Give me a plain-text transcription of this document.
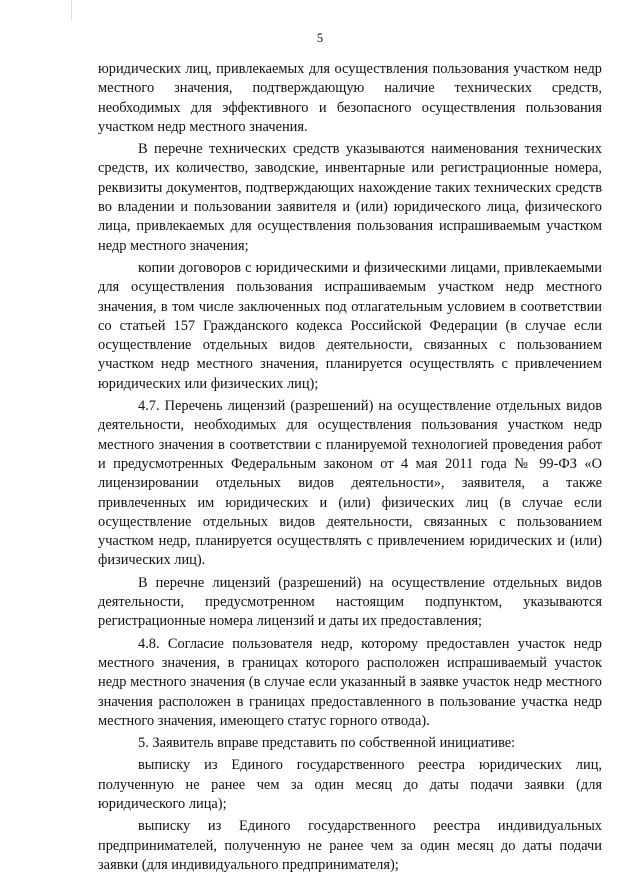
5

юридических лиц, привлекаемых для осуществления пользования участком недр местного значения, подтверждающую наличие технических средств, необходимых для эффективного и безопасного осуществления пользования участком недр местного значения.

В перечне технических средств указываются наименования технических средств, их количество, заводские, инвентарные или регистрационные номера, реквизиты документов, подтверждающих нахождение таких технических средств во владении и пользовании заявителя и (или) юридического лица, физического лица, привлекаемых для осуществления пользования испрашиваемым участком недр местного значения;

копии договоров с юридическими и физическими лицами, привлекаемыми для осуществления пользования испрашиваемым участком недр местного значения, в том числе заключенных под отлагательным условием в соответствии со статьей 157 Гражданского кодекса Российской Федерации (в случае если осуществление отдельных видов деятельности, связанных с пользованием участком недр местного значения, планируется осуществлять с привлечением юридических или физических лиц);

4.7. Перечень лицензий (разрешений) на осуществление отдельных видов деятельности, необходимых для осуществления пользования участком недр местного значения в соответствии с планируемой технологией проведения работ и предусмотренных Федеральным законом от 4 мая 2011 года № 99-ФЗ «О лицензировании отдельных видов деятельности», заявителя, а также привлеченных им юридических и (или) физических лиц (в случае если осуществление отдельных видов деятельности, связанных с пользованием участком недр, планируется осуществлять с привлечением юридических и (или) физических лиц).

В перечне лицензий (разрешений) на осуществление отдельных видов деятельности, предусмотренном настоящим подпунктом, указываются регистрационные номера лицензий и даты их предоставления;

4.8. Согласие пользователя недр, которому предоставлен участок недр местного значения, в границах которого расположен испрашиваемый участок недр местного значения (в случае если указанный в заявке участок недр местного значения расположен в границах предоставленного в пользование участка недр местного значения, имеющего статус горного отвода).

5. Заявитель вправе представить по собственной инициативе:

выписку из Единого государственного реестра юридических лиц, полученную не ранее чем за один месяц до даты подачи заявки (для юридического лица);

выписку из Единого государственного реестра индивидуальных предпринимателей, полученную не ранее чем за один месяц до даты подачи заявки (для индивидуального предпринимателя);
